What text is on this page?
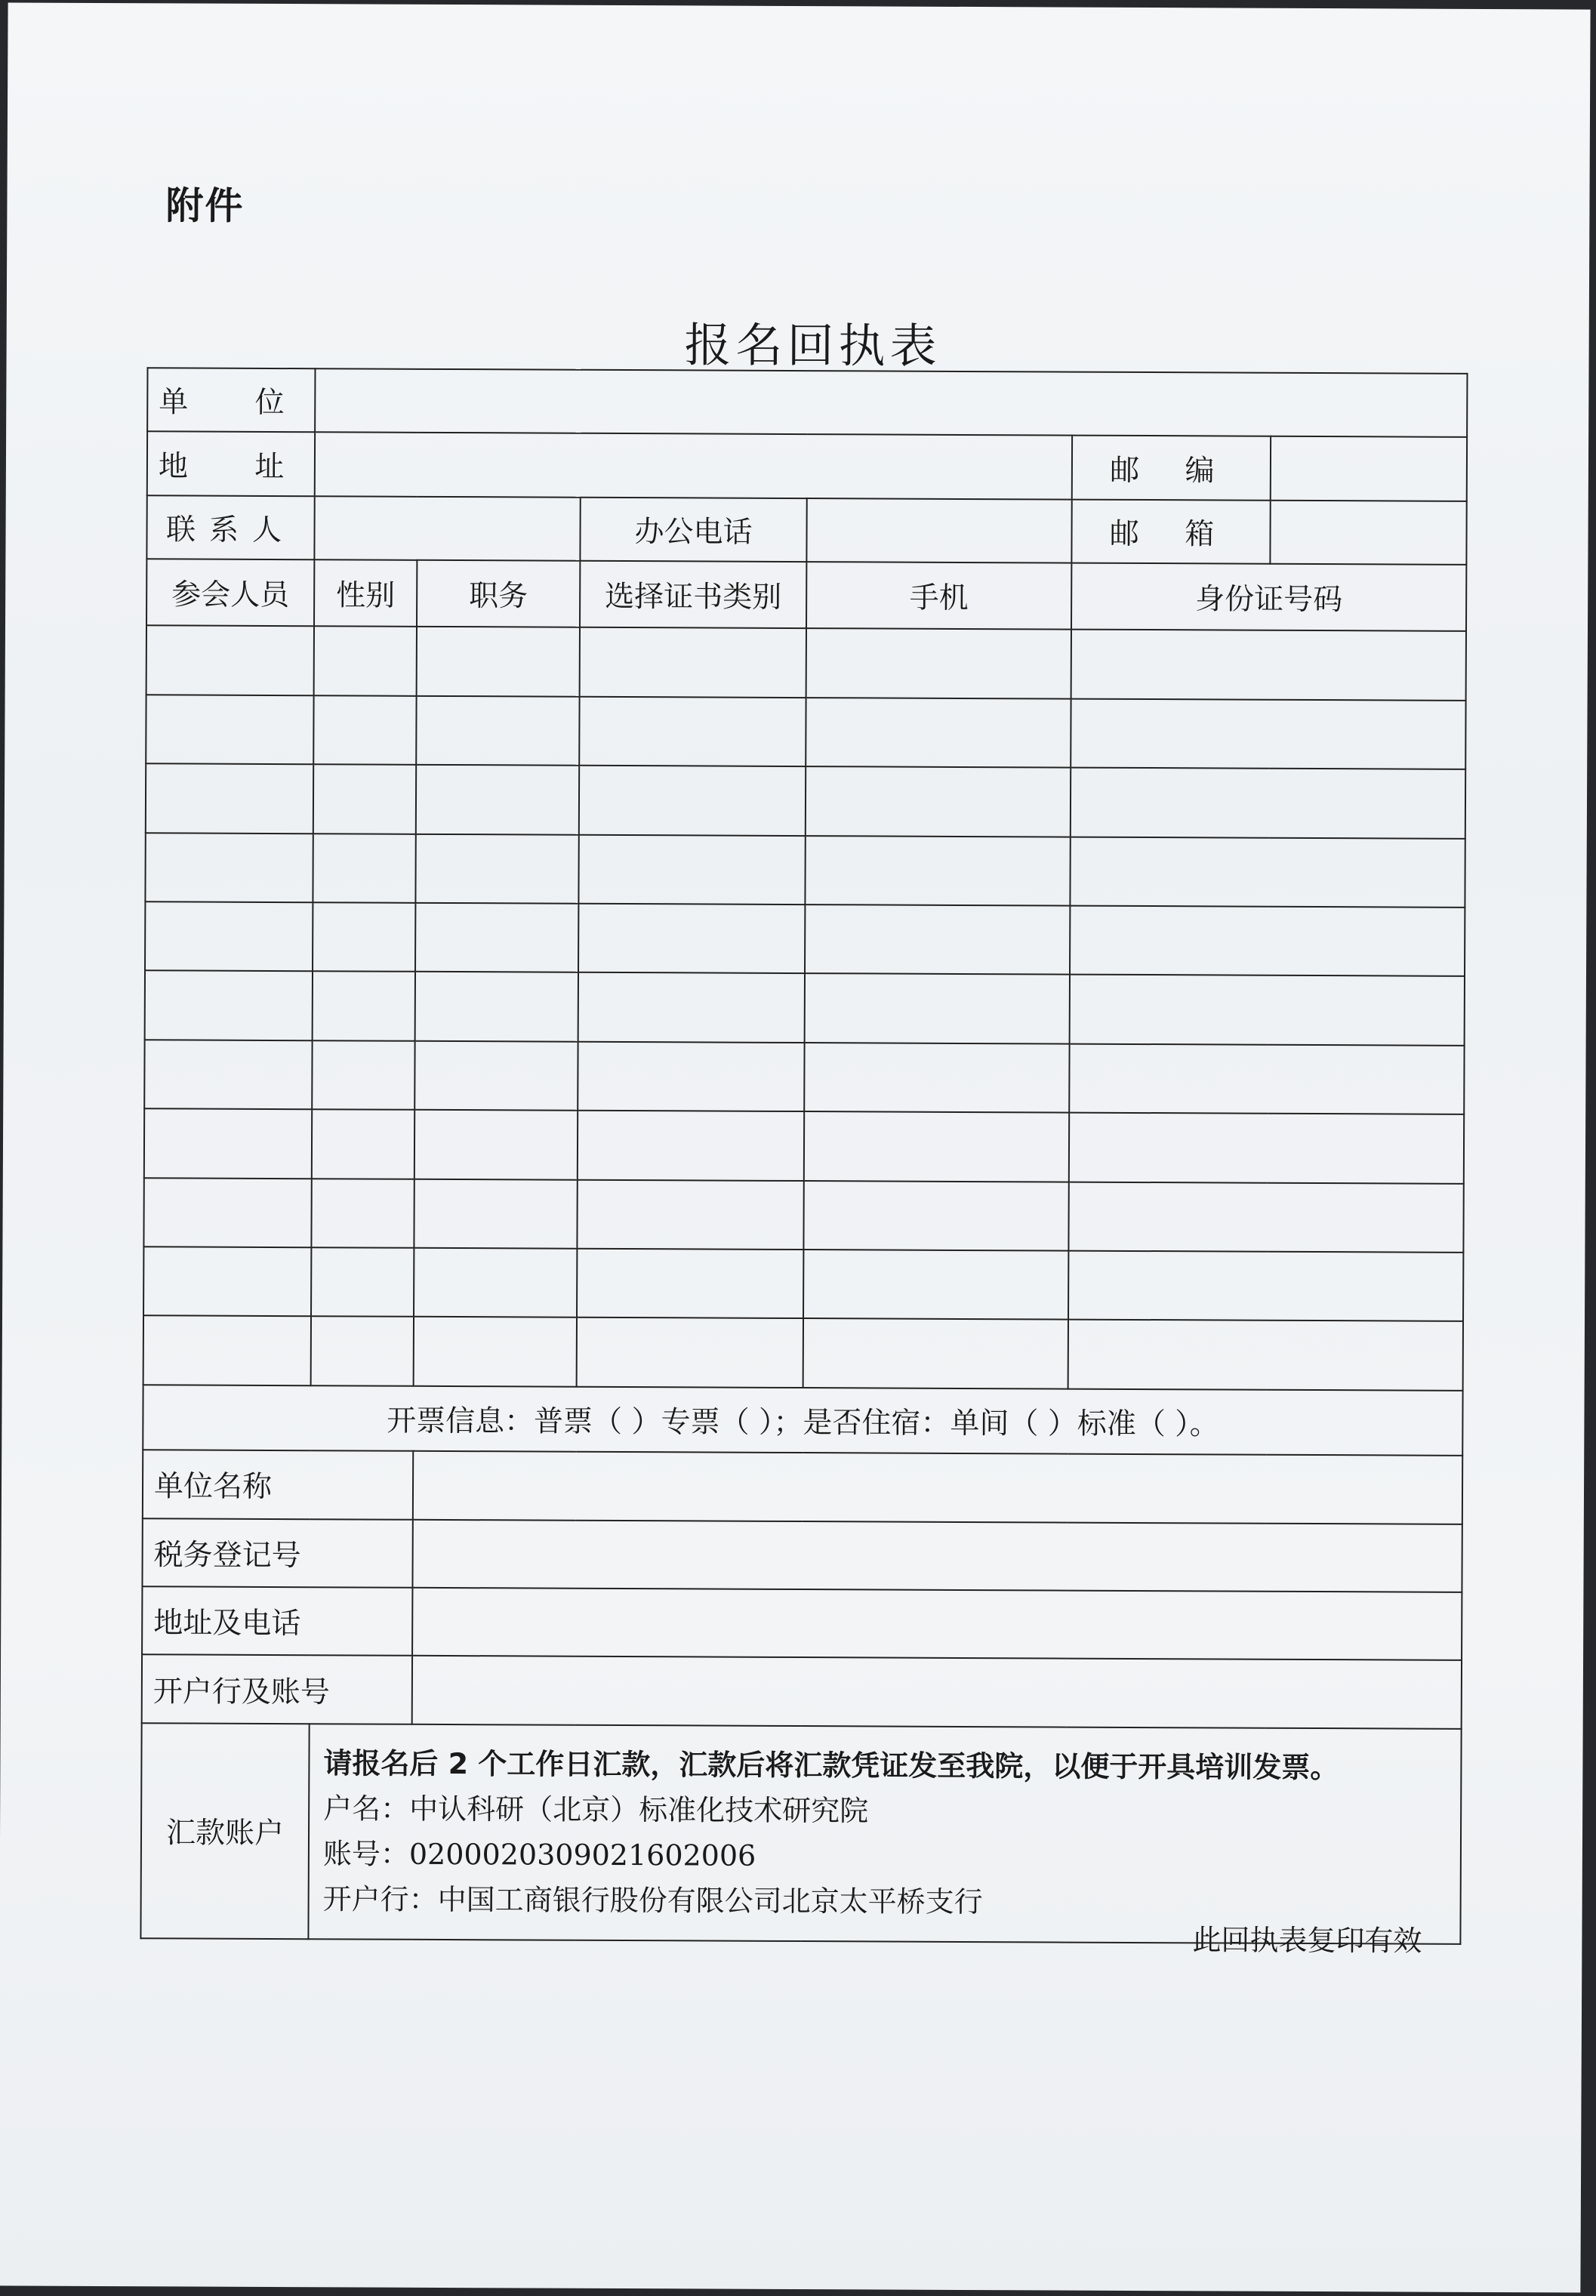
附件
报名回执表
单 位						
地 址					邮 编	
联系人			办公电话		邮 箱	
参会人员	性别	职务	选择证书类别	手机	身份证号码	

开票信息：普票（ ）专票（ ）；是否住宿：单间（ ）标准（ ）。						
单位名称						
税务登记号						
地址及电话						
开户行及账号						
汇款账户	请报名后 2 个工作日汇款，汇款后将汇款凭证发至我院，以便于开具培训发票。
户名：中认科研（北京）标准化技术研究院
账号：0200020309021602006
开户行：中国工商银行股份有限公司北京太平桥支行					
此回执表复印有效
